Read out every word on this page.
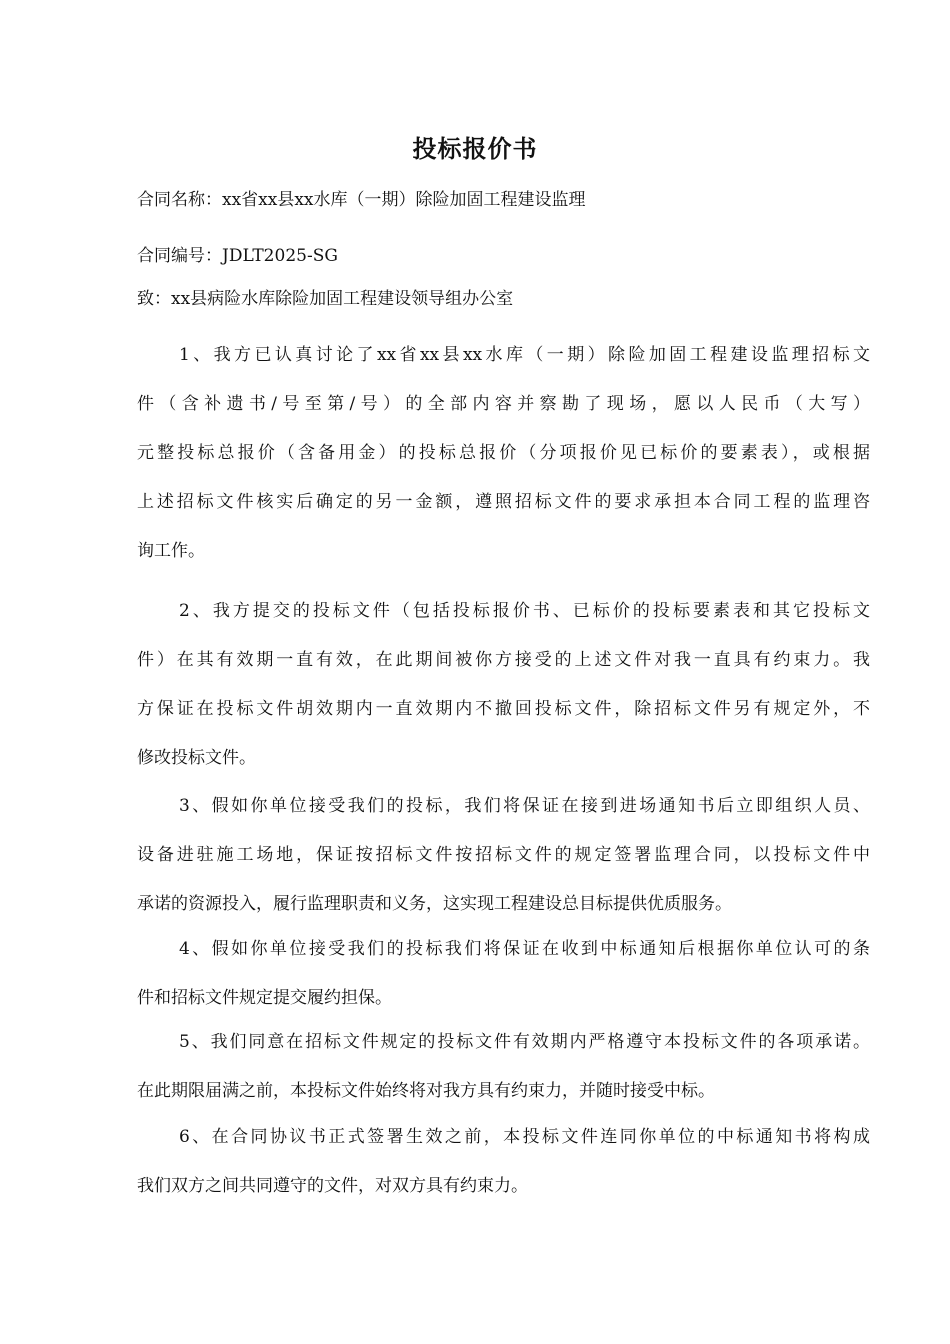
投标报价书
合同名称：xx省xx县xx水库（一期）除险加固工程建设监理
合同编号：JDLT2025-SG
致：xx县病险水库除险加固工程建设领导组办公室
1、我方已认真讨论了xx省xx县xx水库（一期）除险加固工程建设监理招标文
件（含补遗书/号至第/号）的全部内容并察勘了现场，愿以人民币（大写）
元整投标总报价（含备用金）的投标总报价（分项报价见已标价的要素表），或根据
上述招标文件核实后确定的另一金额，遵照招标文件的要求承担本合同工程的监理咨
询工作。
2、我方提交的投标文件（包括投标报价书、已标价的投标要素表和其它投标文
件）在其有效期一直有效，在此期间被你方接受的上述文件对我一直具有约束力。我
方保证在投标文件胡效期内一直效期内不撤回投标文件，除招标文件另有规定外，不
修改投标文件。
3、假如你单位接受我们的投标，我们将保证在接到进场通知书后立即组织人员、
设备进驻施工场地，保证按招标文件按招标文件的规定签署监理合同，以投标文件中
承诺的资源投入，履行监理职责和义务，这实现工程建设总目标提供优质服务。
4、假如你单位接受我们的投标我们将保证在收到中标通知后根据你单位认可的条
件和招标文件规定提交履约担保。
5、我们同意在招标文件规定的投标文件有效期内严格遵守本投标文件的各项承诺。
在此期限届满之前，本投标文件始终将对我方具有约束力，并随时接受中标。
6、在合同协议书正式签署生效之前，本投标文件连同你单位的中标通知书将构成
我们双方之间共同遵守的文件，对双方具有约束力。
